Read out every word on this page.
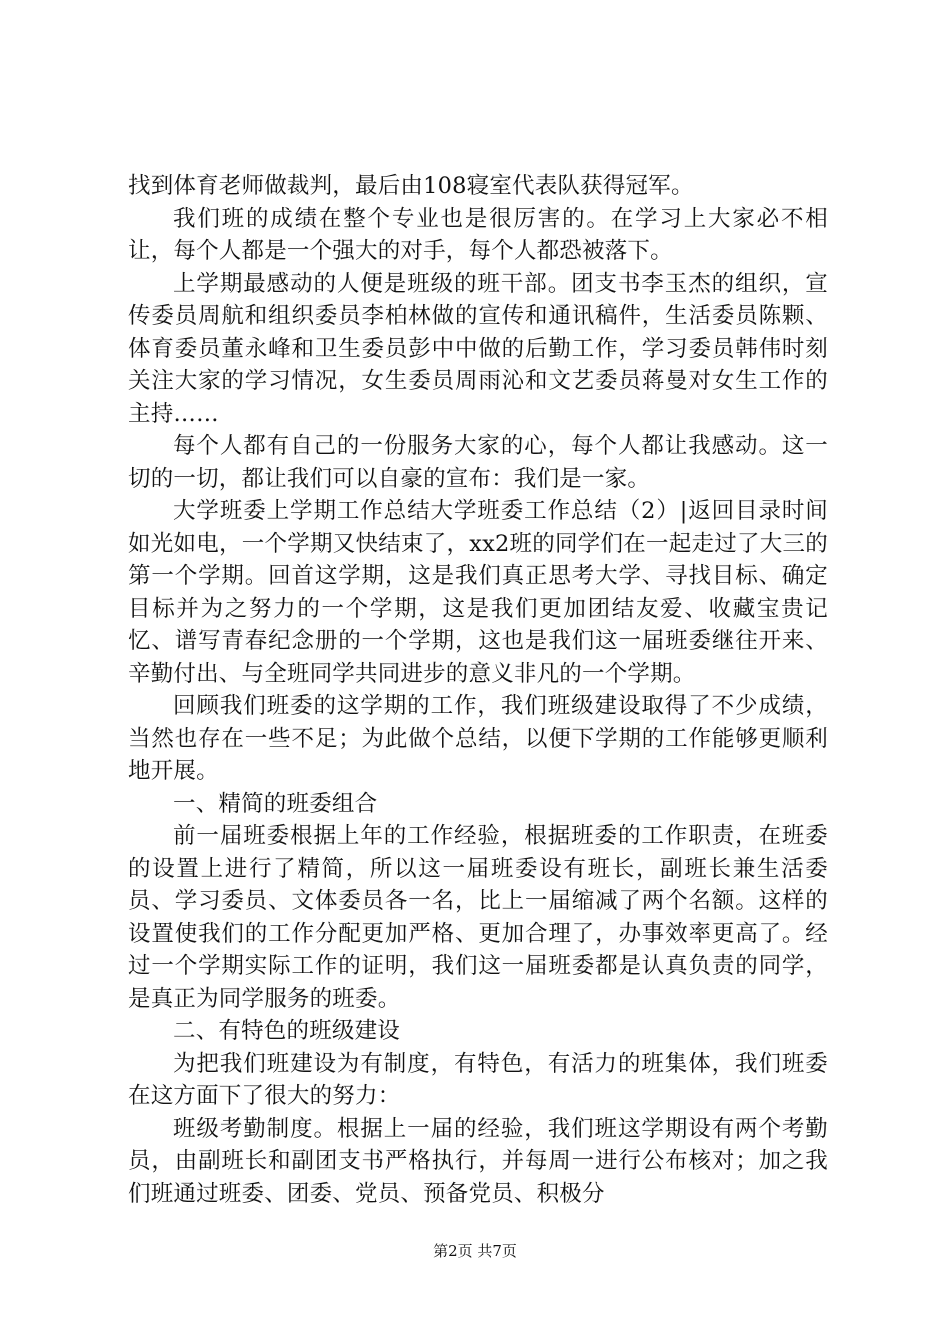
找到体育老师做裁判，最后由108寝室代表队获得冠军。

我们班的成绩在整个专业也是很厉害的。在学习上大家必不相让，每个人都是一个强大的对手，每个人都恐被落下。

上学期最感动的人便是班级的班干部。团支书李玉杰的组织，宣传委员周航和组织委员李柏林做的宣传和通讯稿件，生活委员陈颗、体育委员董永峰和卫生委员彭中中做的后勤工作，学习委员韩伟时刻关注大家的学习情况，女生委员周雨沁和文艺委员蒋曼对女生工作的主持……

每个人都有自己的一份服务大家的心，每个人都让我感动。这一切的一切，都让我们可以自豪的宣布：我们是一家。

大学班委上学期工作总结大学班委工作总结（2）|返回目录时间如光如电，一个学期又快结束了，xx2班的同学们在一起走过了大三的第一个学期。回首这学期，这是我们真正思考大学、寻找目标、确定目标并为之努力的一个学期，这是我们更加团结友爱、收藏宝贵记忆、谱写青春纪念册的一个学期，这也是我们这一届班委继往开来、辛勤付出、与全班同学共同进步的意义非凡的一个学期。

回顾我们班委的这学期的工作，我们班级建设取得了不少成绩，当然也存在一些不足；为此做个总结，以便下学期的工作能够更顺利地开展。

一、精简的班委组合

前一届班委根据上年的工作经验，根据班委的工作职责，在班委的设置上进行了精简，所以这一届班委设有班长，副班长兼生活委员、学习委员、文体委员各一名，比上一届缩减了两个名额。这样的设置使我们的工作分配更加严格、更加合理了，办事效率更高了。经过一个学期实际工作的证明，我们这一届班委都是认真负责的同学，是真正为同学服务的班委。

二、有特色的班级建设

为把我们班建设为有制度，有特色，有活力的班集体，我们班委在这方面下了很大的努力：

班级考勤制度。根据上一届的经验，我们班这学期设有两个考勤员，由副班长和副团支书严格执行，并每周一进行公布核对；加之我们班通过班委、团委、党员、预备党员、积极分

第2页 共7页
